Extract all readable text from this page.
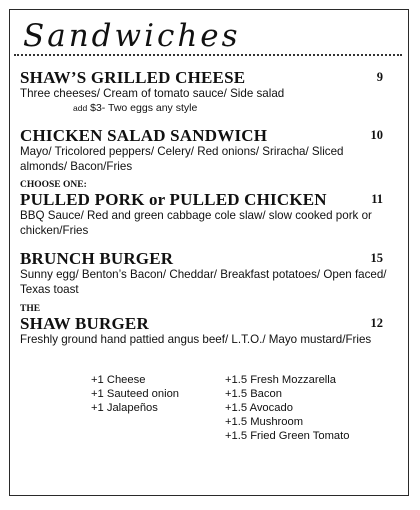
Sandwiches
SHAW’S GRILLED CHEESE	9
Three cheeses/ Cream of tomato sauce/ Side salad
add $3- Two eggs any style
CHICKEN SALAD SANDWICH	10
Mayo/ Tricolored peppers/ Celery/ Red onions/ Sriracha/ Sliced almonds/ Bacon/Fries
CHOOSE ONE:
PULLED PORK or PULLED CHICKEN	11
BBQ Sauce/ Red and green cabbage cole slaw/ slow cooked pork or chicken/Fries
BRUNCH BURGER	15
Sunny egg/ Benton’s Bacon/ Cheddar/ Breakfast potatoes/ Open faced/ Texas toast
THE
SHAW BURGER	12
Freshly ground hand pattied angus beef/ L.T.O./ Mayo mustard/Fries
+1 Cheese
+1 Sauteed onion
+1 Jalapeños
+1.5 Fresh Mozzarella
+1.5 Bacon
+1.5 Avocado
+1.5 Mushroom
+1.5 Fried Green Tomato
